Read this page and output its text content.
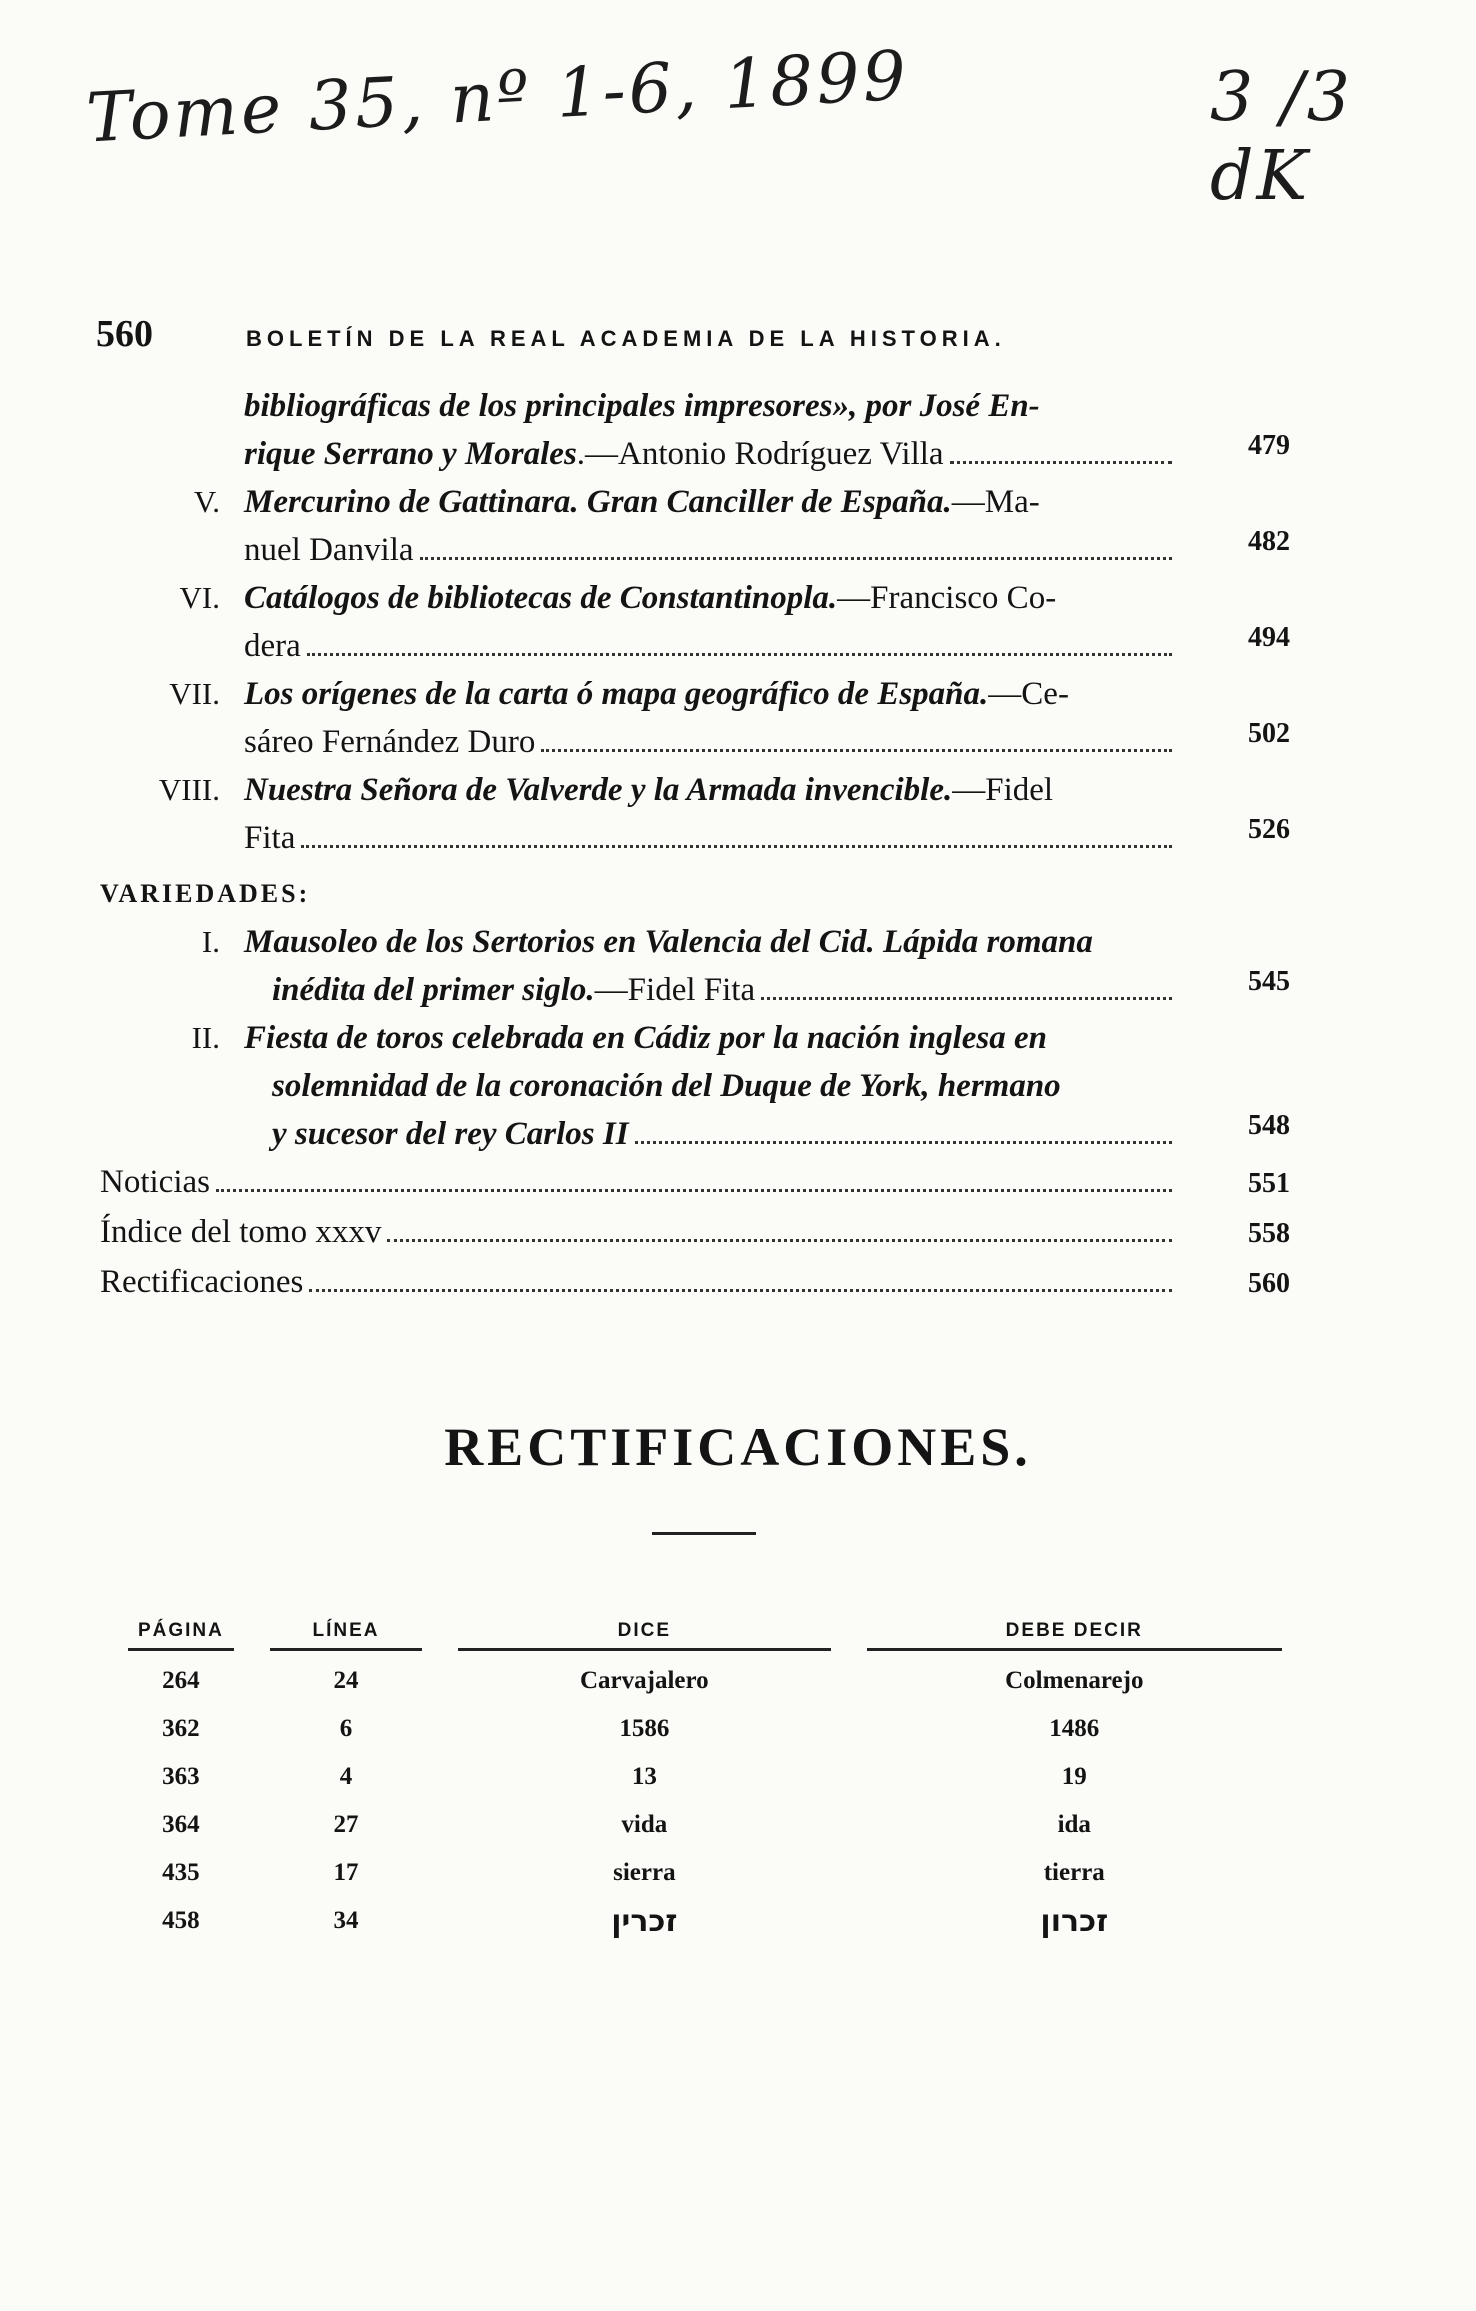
Tome 35, nº 1-6, 1899	3 /3 dK
560	BOLETÍN DE LA REAL ACADEMIA DE LA HISTORIA.
bibliográficas de los principales impresores», por José En-
rique Serrano y Morales.—Antonio Rodríguez Villa	479
V. Mercurino de Gattinara. Gran Canciller de España.—Ma-
nuel Danvila	482
VI. Catálogos de bibliotecas de Constantinopla.—Francisco Co-
dera	494
VII. Los orígenes de la carta ó mapa geográfico de España.—Ce-
sáreo Fernández Duro	502
VIII. Nuestra Señora de Valverde y la Armada invencible.—Fidel
Fita	526
VARIEDADES:
I. Mausoleo de los Sertorios en Valencia del Cid. Lápida romana
inédita del primer siglo.—Fidel Fita	545
II. Fiesta de toros celebrada en Cádiz por la nación inglesa en
solemnidad de la coronación del Duque de York, hermano
y sucesor del rey Carlos II	548
Noticias	551
Índice del tomo xxxv	558
Rectificaciones	560
RECTIFICACIONES.
PÁGINA	LÍNEA	DICE	DEBE DECIR

264	24	Carvajalero	Colmenarejo
362	6	1586	1486
363	4	13	19
364	27	vida	ida
435	17	sierra	tierra
458	34	זכרין	זכרון
